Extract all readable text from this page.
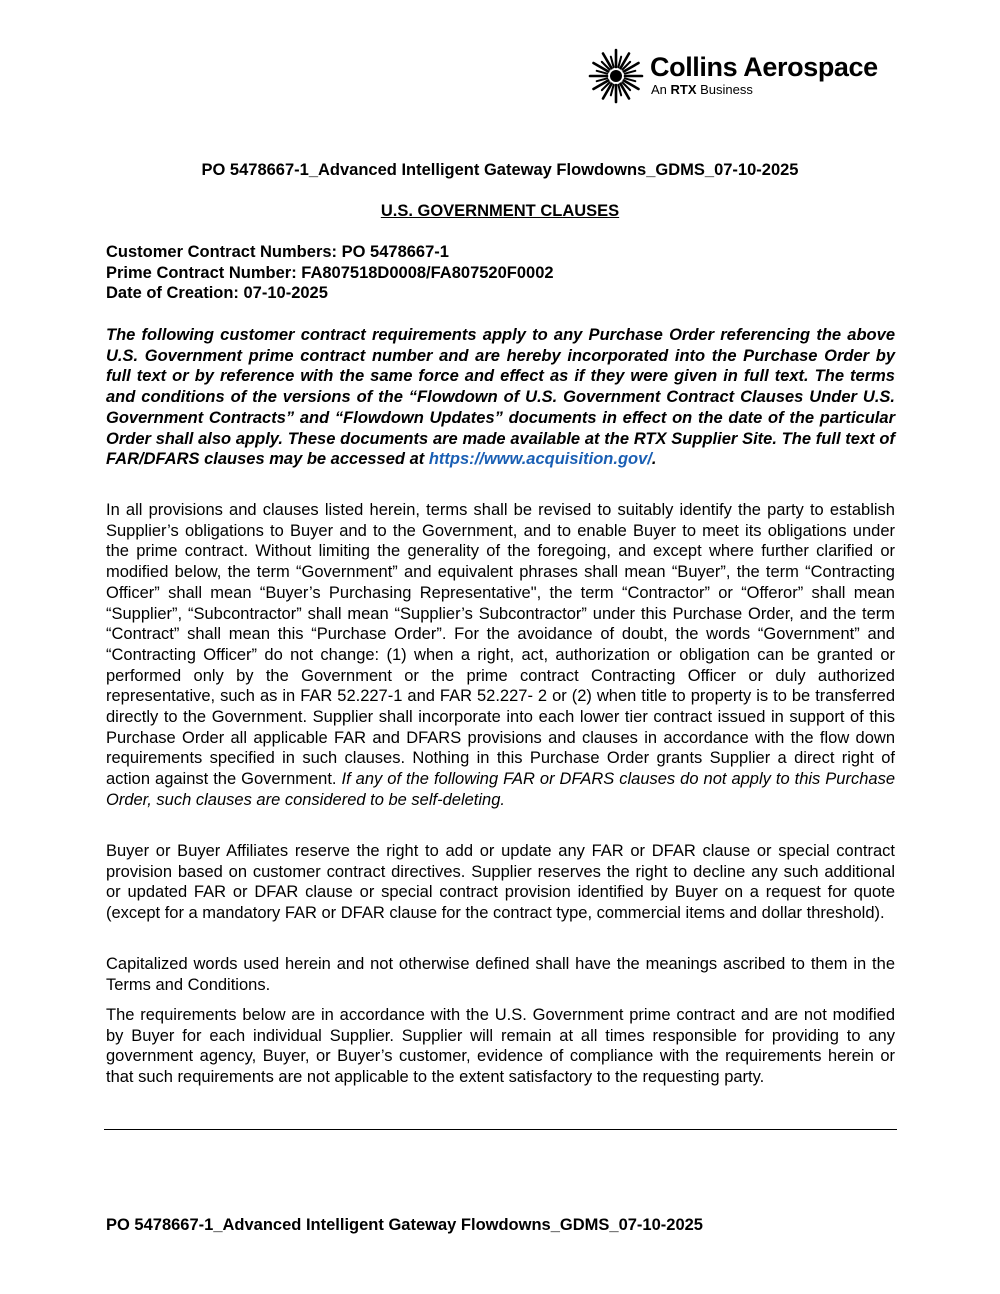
Collins Aerospace
An RTX Business
PO 5478667-1_Advanced Intelligent Gateway Flowdowns_GDMS_07-10-2025
U.S. GOVERNMENT CLAUSES
Customer Contract Numbers: PO 5478667-1
Prime Contract Number: FA807518D0008/FA807520F0002
Date of Creation: 07-10-2025
The following customer contract requirements apply to any Purchase Order referencing the above U.S. Government prime contract number and are hereby incorporated into the Purchase Order by full text or by reference with the same force and effect as if they were given in full text. The terms and conditions of the versions of the “Flowdown of U.S. Government Contract Clauses Under U.S. Government Contracts” and “Flowdown Updates” documents in effect on the date of the particular Order shall also apply. These documents are made available at the RTX Supplier Site. The full text of FAR/DFARS clauses may be accessed at https://www.acquisition.gov/.
In all provisions and clauses listed herein, terms shall be revised to suitably identify the party to establish Supplier’s obligations to Buyer and to the Government, and to enable Buyer to meet its obligations under the prime contract. Without limiting the generality of the foregoing, and except where further clarified or modified below, the term “Government” and equivalent phrases shall mean “Buyer”, the term “Contracting Officer” shall mean “Buyer’s Purchasing Representative", the term “Contractor” or “Offeror” shall mean “Supplier”, “Subcontractor” shall mean “Supplier’s Subcontractor” under this Purchase Order, and the term “Contract” shall mean this “Purchase Order”. For the avoidance of doubt, the words “Government” and “Contracting Officer” do not change: (1) when a right, act, authorization or obligation can be granted or performed only by the Government or the prime contract Contracting Officer or duly authorized representative, such as in FAR 52.227-1 and FAR 52.227- 2 or (2) when title to property is to be transferred directly to the Government. Supplier shall incorporate into each lower tier contract issued in support of this Purchase Order all applicable FAR and DFARS provisions and clauses in accordance with the flow down requirements specified in such clauses. Nothing in this Purchase Order grants Supplier a direct right of action against the Government. If any of the following FAR or DFARS clauses do not apply to this Purchase Order, such clauses are considered to be self-deleting.
Buyer or Buyer Affiliates reserve the right to add or update any FAR or DFAR clause or special contract provision based on customer contract directives. Supplier reserves the right to decline any such additional or updated FAR or DFAR clause or special contract provision identified by Buyer on a request for quote (except for a mandatory FAR or DFAR clause for the contract type, commercial items and dollar threshold).
Capitalized words used herein and not otherwise defined shall have the meanings ascribed to them in the Terms and Conditions.
The requirements below are in accordance with the U.S. Government prime contract and are not modified by Buyer for each individual Supplier. Supplier will remain at all times responsible for providing to any government agency, Buyer, or Buyer’s customer, evidence of compliance with the requirements herein or that such requirements are not applicable to the extent satisfactory to the requesting party.
PO 5478667-1_Advanced Intelligent Gateway Flowdowns_GDMS_07-10-2025
